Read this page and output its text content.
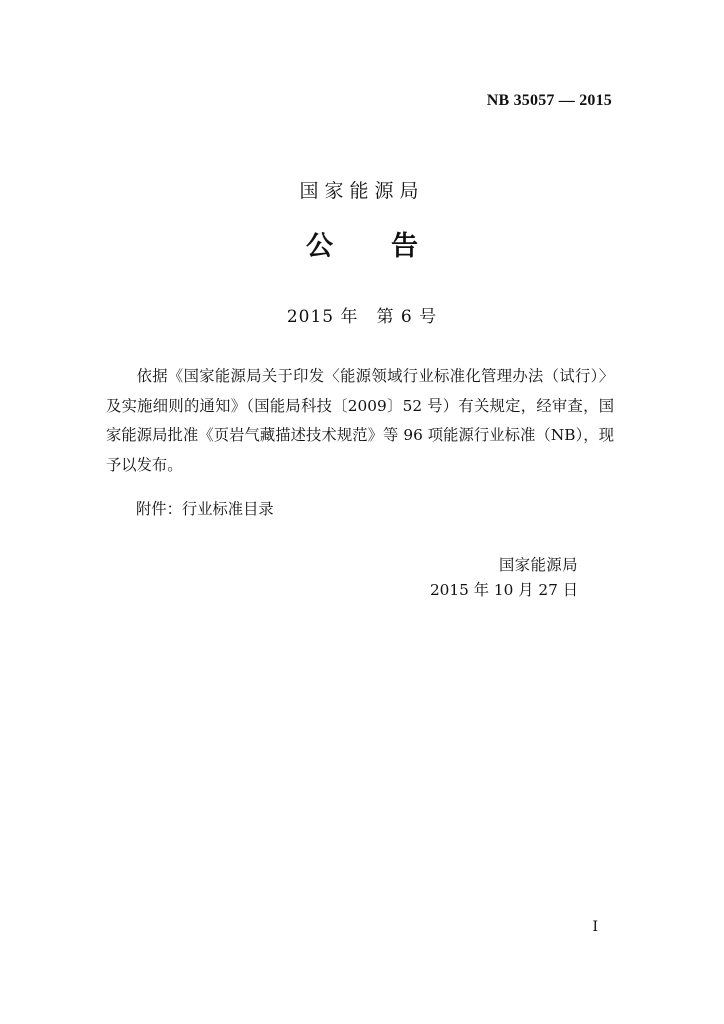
NB 35057 — 2015
国家能源局
公告
2015 年　第 6 号

依据《国家能源局关于印发〈能源领域行业标准化管理办法（试行）〉及实施细则的通知》（国能局科技〔2009〕52 号）有关规定，经审查，国家能源局批准《页岩气藏描述技术规范》等 96 项能源行业标准（NB），现予以发布。

附件：行业标准目录
国家能源局
2015 年 10 月 27 日
I
